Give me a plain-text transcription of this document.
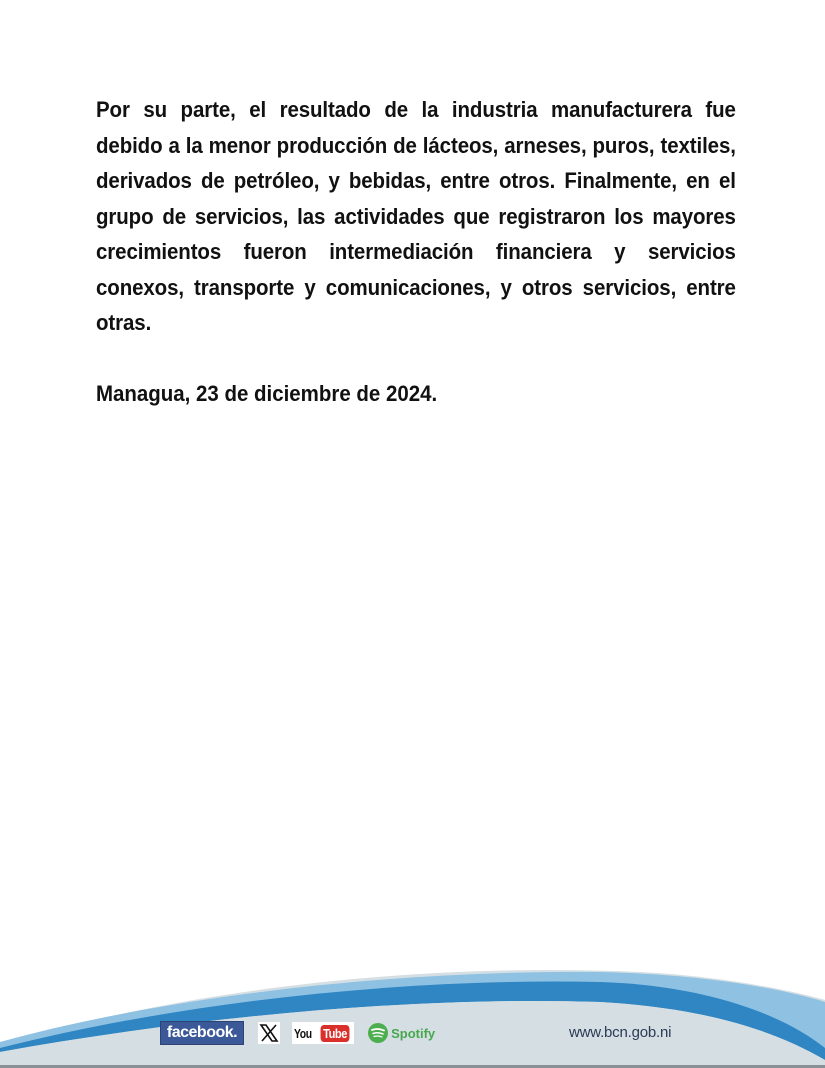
Por su parte, el resultado de la industria manufacturera fue debido a la menor producción de lácteos, arneses, puros, textiles, derivados de petróleo, y bebidas, entre otros. Finalmente, en el grupo de servicios, las actividades que registraron los mayores crecimientos fueron intermediación financiera y servicios conexos, transporte y comunicaciones, y otros servicios, entre otras.

Managua, 23 de diciembre de 2024.

facebook.	You Tube	Spotify	www.bcn.gob.ni
